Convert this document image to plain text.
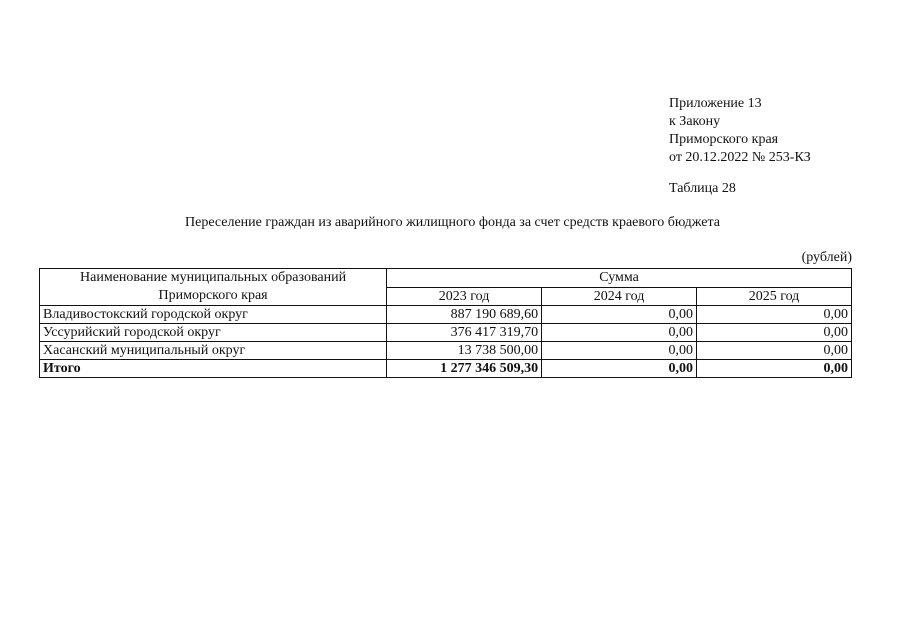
Приложение 13
к Закону
Приморского края
от 20.12.2022 № 253-КЗ
Таблица 28
Переселение граждан из аварийного жилищного фонда за счет средств краевого бюджета
(рублей)
Наименование муниципальных образований
Приморского края	Сумма		
	2023 год	2024 год	2025 год
Владивостокский городской округ	887 190 689,60	0,00	0,00
Уссурийский городской округ	376 417 319,70	0,00	0,00
Хасанский муниципальный округ	13 738 500,00	0,00	0,00
Итого	1 277 346 509,30	0,00	0,00
